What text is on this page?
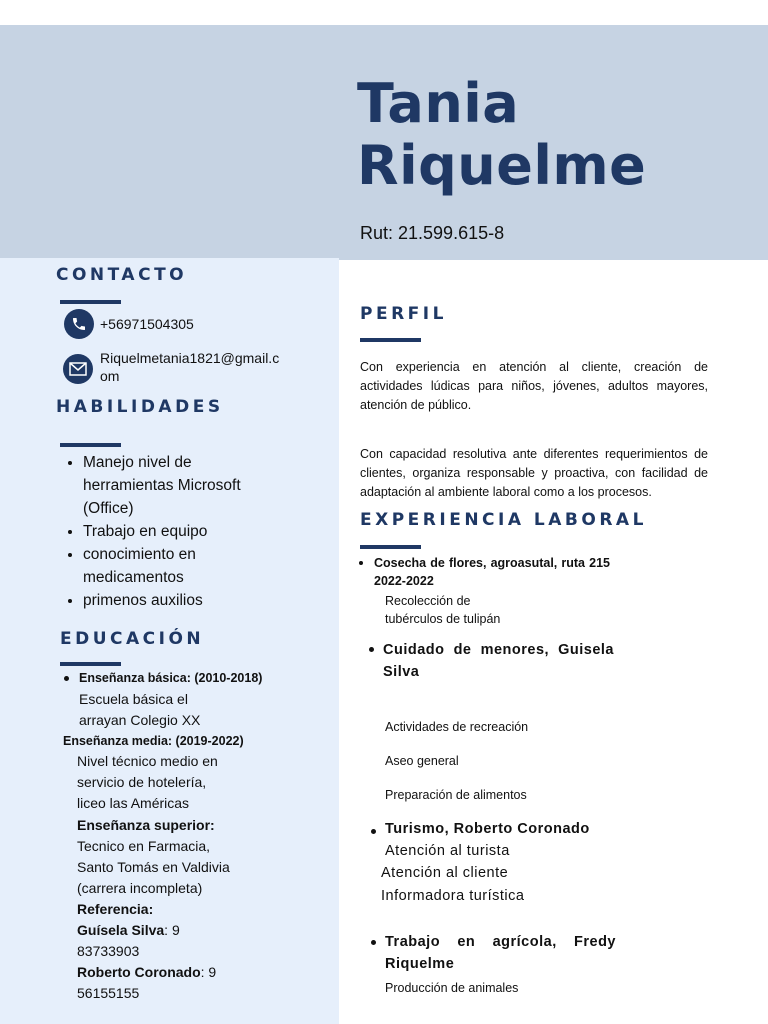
Tania
Riquelme
Rut: 21.599.615-8
CONTACTO
+56971504305
Riquelmetania1821@gmail.c
om
HABILIDADES
• Manejo nivel de herramientas Microsoft (Office)
• Trabajo en equipo
• conocimiento en medicamentos
• primenos auxilios
EDUCACIÓN
Enseñanza básica: (2010-2018)
Escuela básica el
arrayan Colegio XX
Enseñanza media: (2019-2022)
Nivel técnico medio en
servicio de hotelería,
liceo las Américas
Enseñanza superior:
Tecnico en Farmacia,
Santo Tomás en Valdivia
(carrera incompleta)
Referencia:
Guísela Silva: 9
83733903
Roberto Coronado: 9
56155155
PERFIL
Con experiencia en atención al cliente, creación de actividades lúdicas para niños, jóvenes, adultos mayores, atención de público.
Con capacidad resolutiva ante diferentes requerimientos de clientes, organiza responsable y proactiva, con facilidad de adaptación al ambiente laboral como a los procesos.
EXPERIENCIA LABORAL
Cosecha de flores, agroasutal, ruta 215
2022-2022
Recolección de
tubérculos de tulipán
Cuidado de menores, Guisela
Silva
Actividades de recreación
Aseo general
Preparación de alimentos
Turismo, Roberto Coronado
Atención al turista
Atención al cliente
Informadora turística
Trabajo en agrícola, Fredy
Riquelme
Producción de animales
